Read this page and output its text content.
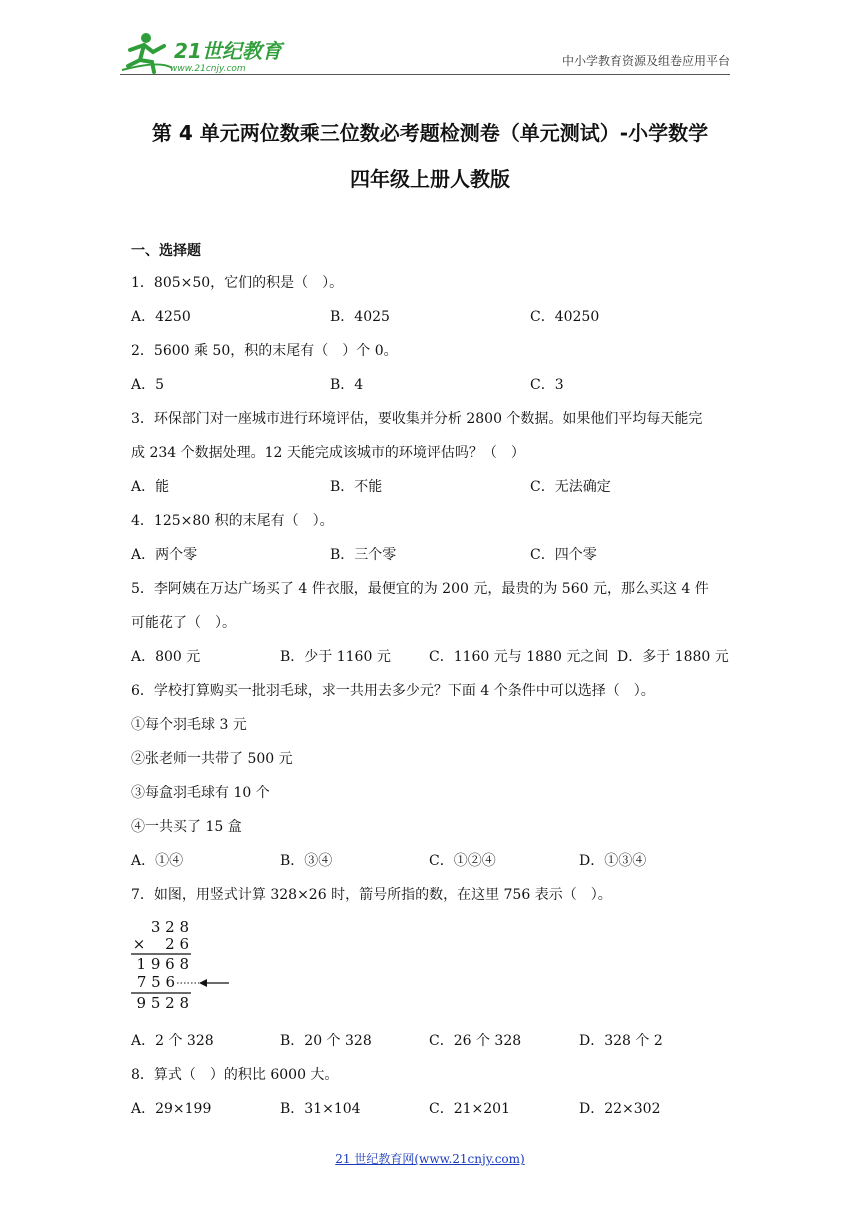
21世纪教育
www.21cnjy.com
中小学教育资源及组卷应用平台
第 4 单元两位数乘三位数必考题检测卷（单元测试）-小学数学
四年级上册人教版
一、选择题
1．805×50，它们的积是（　）。
A．4250	B．4025	C．40250
2．5600 乘 50，积的末尾有（　）个 0。
A．5	B．4	C．3
3．环保部门对一座城市进行环境评估，要收集并分析 2800 个数据。如果他们平均每天能完
成 234 个数据处理。12 天能完成该城市的环境评估吗？（　）
A．能	B．不能	C．无法确定
4．125×80 积的末尾有（　）。
A．两个零	B．三个零	C．四个零
5．李阿姨在万达广场买了 4 件衣服，最便宜的为 200 元，最贵的为 560 元，那么买这 4 件
可能花了（　）。
A．800 元	B．少于 1160 元	C．1160 元与 1880 元之间 D．多于 1880 元
6．学校打算购买一批羽毛球，求一共用去多少元？下面 4 个条件中可以选择（　）。
①每个羽毛球 3 元
②张老师一共带了 500 元
③每盒羽毛球有 10 个
④一共买了 15 盒
A．①④	B．③④	C．①②④	D．①③④
7．如图，用竖式计算 328×26 时，箭号所指的数，在这里 756 表示（　）。
3 2 8
× 　2 6
1 9 6 8
7 5 6
9 5 2 8
A．2 个 328	B．20 个 328	C．26 个 328	D．328 个 2
8．算式（　）的积比 6000 大。
A．29×199	B．31×104	C．21×201	D．22×302
21 世纪教育网(www.21cnjy.com)
